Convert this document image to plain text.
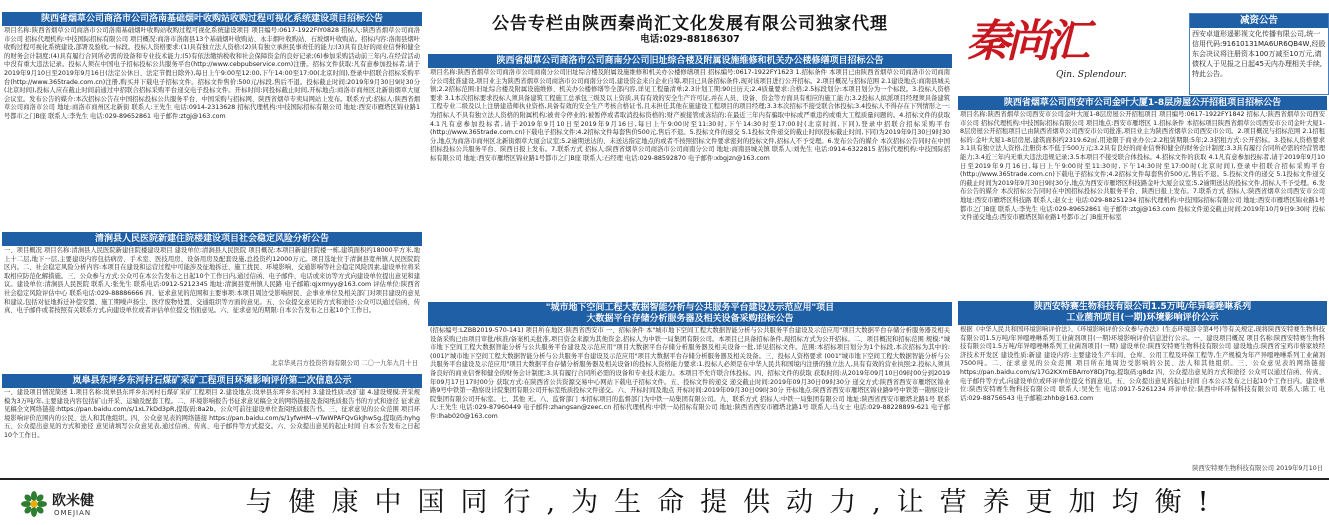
陕西省烟草公司商洛市公司洛南基础烟叶收购站收购过程可视化系统建设项目招标公告
项目名称:陕西省烟草公司商洛市公司洛南基础烟叶收购站收购过程可视化系统建设项目 项目编号:0617-1922FIY0828 招标人:陕西省烟草公司商洛市公司 招标代理机构:中技国际招标有限公司 项目概况:商洛市洛南县13个基础烟叶收购站、永丰烟叶收购站、石坡烟叶收购站。招标内容:洛南县烟叶收购过程可视化系统建设,部署及验收,一标段。投标人资格要求:(1)具有独立法人资格;(2)具有独立承担民事责任的能力;(3)具有良好的商业信誉和健全的财务会计制度;(4)具有履行合同所必需的设备和专业技术能力;(5)有依法缴纳税收和社会保障资金的良好记录;(6)参加采购活动前三年内,在经营活动中没有重大违法记录。投标人须在中国电子招标投标公共服务平台(http://www.cebpubservice.com)注册。招标文件获取:凡有意参加投标者,请于2019年9月10日至2019年9月16日(法定公休日、法定节假日除外),每日上午9:00至12:00,下午14:00至17:00(北京时间),登录中招联合招标采购平台(http://www.365trade.com.cn)注册,购买并下载电子招标文件。招标文件售价:500元/标段,售后不退。投标截止时间:2019年9月30日9时30分(北京时间),投标人应在截止时间前通过中招联合招标采购平台递交电子投标文件。开标时间:同投标截止时间,开标地点:商洛市商州区北新街烟草大厦会议室。发布公告的媒介:本次招标公告在中国招标投标公共服务平台、中国采购与招标网、陕西省烟草专卖局网站上发布。联系方式:招标人:陕西省烟草公司商洛市公司 地址:商洛市商州区北新街 联系人:王先生 电话:0914-2313628 招标代理机构:中技国际招标有限公司 地址:西安市雁塔区锦业路1号都市之门B座 联系人:李先生 电话:029-89652861 电子邮件:ztgj@163.com
清涧县人民医院新建住院楼建设项目社会稳定风险分析公告
一、项目概况 项目名称:清涧县人民医院新建住院楼建设项目 建设单位:清涧县人民医院 项目概况:本项目新建住院楼一栋,建筑面积约18000平方米,地上十二层,地下一层,主要建设内容包括病房、手术室、医技用房、设备用房及配套设施,总投资约12000万元。项目选址位于清涧县宽州镇人民医院院区内。二、社会稳定风险分析内容:本项目在建设和运营过程中可能涉及征地拆迁、施工扰民、环境影响、交通影响等社会稳定风险因素,建设单位将采取相应防范化解措施。三、公众参与方式:公众可在本公告发布之日起10个工作日内,通过信函、电子邮件、电话或来访等方式向建设单位提出意见和建议。建设单位:清涧县人民医院 联系人:张先生 联系电话:0912-5212345 地址:清涧县宽州镇人民路 电子邮箱:qjxrmyy@163.com 评估单位:陕西省社会稳定风险评估中心 联系电话:029-88886666 四、征求意见的范围和主要事项:本项目周边受影响居民、企事业单位及相关部门对项目建设的意见和建议,包括对征地拆迁补偿安置、施工期噪声扬尘、医疗废物处置、交通组织等方面的意见。五、公众提交意见的方式和途径:公众可以通过信函、传真、电子邮件或者按照有关联系方式,向建设单位或者评估单位提交书面意见。六、征求意见的期限:自本公告发布之日起10个工作日。
北京华灵吕方投资咨询有限公司 二〇一九年九月十日
岚皋县东坪乡东河村石煤矿采矿工程项目环境影响评价第二次信息公示
一、建设项目情况简述 1.项目名称:岚皋县东坪乡东河村石煤矿采矿工程项目 2.建设地点:岚皋县东坪乡东河村 3.建设性质:改扩建 4.建设规模:开采规模为3万吨/年,主要建设内容包括矿山开采、运输及配套工程。二、环境影响报告书征求意见稿全文的网络链接及查阅纸质报告书的方式和途径 征求意见稿全文网络链接:https://pan.baidu.com/s/1xL7kDd3pR,提取码:8a2b。公众可前往建设单位查阅纸质报告书。三、征求意见的公众范围 项目环境影响评价范围内的公民、法人和其他组织。四、公众意见表的网络链接 https://pan.baidu.com/s/1yfwHM--vTwWPAFQvGkJhw5g,提取码:hyhg 五、公众提出意见的方式和途径 意见请填写公众意见表,通过信函、传真、电子邮件等方式提交。六、公众提出意见的起止时间 自本公告发布之日起10个工作日。
公告专栏由陕西秦尚汇文化发展有限公司独家代理
电话:029-88186307
陕西省烟草公司商洛市公司商南分公司旧址综合楼及附属设施维修和机关办公楼修缮项目招标公告
项目名称:陕西省烟草公司商洛市公司商南分公司旧址综合楼及附属设施维修和机关办公楼修缮项目 招标编号:0617-1922FY1623 1.招标条件 本项目已由陕西省烟草公司商洛市公司商南分公司批准建设,项目业主为陕西省烟草公司商洛市公司商南分公司,建设资金来自企业自筹,项目已具备招标条件,现对该项目进行公开招标。2.项目概况与招标范围 2.1建设地点:商南县城关镇;2.2招标范围:旧址综合楼及附属设施维修、机关办公楼修缮等全部内容,详见工程量清单;2.3计划工期:90日历天;2.4质量要求:合格;2.5标段划分:本项目划分为一个标段。3.投标人资格要求 3.1本次招标要求投标人须具备建筑工程施工总承包三级及以上资质,具有有效的安全生产许可证,并在人员、设备、资金等方面具有相应的施工能力;3.2投标人拟派项目经理须具备建筑工程专业二级及以上注册建造师执业资格,具备有效的安全生产考核合格证书,且未担任其他在施建设工程项目的项目经理;3.3本次招标不接受联合体投标;3.4投标人不得存在下列情形之一:为招标人不具有独立法人资格的附属机构;被责令停业的;被暂停或者取消投标资格的;财产被接管或冻结的;在最近三年内有骗取中标或严重违约或重大工程质量问题的。4.招标文件的获取 4.1凡有意参加投标者,请于2019年9月10日至2019年9月16日,每日上午9:00时至11:30时,下午14:30时至17:00时(北京时间,下同),登录中招联合招标采购平台(http://www.365trade.com.cn)下载电子招标文件;4.2招标文件每套售价500元,售后不退。5.投标文件的递交 5.1投标文件递交的截止时间(投标截止时间,下同)为2019年9月30日9时30分,地点为商洛市商州区北新街烟草大厦会议室;5.2逾期送达的、未送达指定地点的或者不按照招标文件要求密封的投标文件,招标人不予受理。6.发布公告的媒介 本次招标公告同时在中国招标投标公共服务平台、陕西日报上发布。7.联系方式 招标人:陕西省烟草公司商洛市公司商南分公司 地址:商南县城关镇 联系人:刘先生 电话:0914-6322815 招标代理机构:中技国际招标有限公司 地址:西安市雁塔区锦业路1号都市之门B座 联系人:石经理 电话:029-88592870 电子邮件:xbgjzn@163.com
"城市地下空间工程大数据智能分析与公共服务平台建设及示范应用"项目
大数据平台存储分析服务器及相关设备采购招标公告
(招标编号:LZBB2019-570-141) 项目所在地区:陕西省西安市 一、招标条件 本"城市地下空间工程大数据智能分析与公共服务平台建设及示范应用"项目大数据平台存储分析服务器及相关设备采购已由项目审批/核准/备案机关批准,项目资金来源为其他资金,招标人为中铁一局集团有限公司。本项目已具备招标条件,现招标方式为公开招标。二、项目概况和招标范围 规模:"城市地下空间工程大数据智能分析与公共服务平台建设及示范应用"项目大数据平台存储分析服务器及相关设备一批,详见招标文件。范围:本招标项目划分为1个标段,本次招标为其中的:(001)"城市地下空间工程大数据智能分析与公共服务平台建设及示范应用"项目大数据平台存储分析服务器及相关设备。三、投标人资格要求 (001"城市地下空间工程大数据智能分析与公共服务平台建设及示范应用"项目大数据平台存储分析服务器及相关设备)的投标人资格能力要求:1.投标人必须是在中华人民共和国境内注册的独立法人,具有有效的营业执照;2.投标人须具备良好的商业信誉和健全的财务会计制度;3.具有履行合同所必需的设备和专业技术能力。本项目不允许联合体投标。四、招标文件的获取 获取时间:从2019年09月10日09时00分到2019年09月17日17时00分 获取方式:在陕西省公共资源交易中心网站下载电子招标文件。五、投标文件的递交 递交截止时间:2019年09月30日09时30分 递交方式:陕西省西安市雁塔区锦业路9号中铁第一勘察设计院集团有限公司开标室纸质投标文件递交。六、开标时间及地点 开标时间:2019年09月30日09时30分 开标地点:陕西省西安市雁塔区锦业路9号中铁第一勘察设计院集团有限公司开标室。七、其他 无。八、监督部门 本招标项目的监督部门为中铁一局集团有限公司。九、联系方式 招标人:中铁一局集团有限公司 地址:陕西省西安市雁塔北路1号 联系人:王先生 电话:029-87960449 电子邮件:zhangsan@zeec.cn 招标代理机构:中铁一局招标有限公司 地址:陕西省西安市雁塔北路1号 联系人:马女士 电话:029-88228899-621 电子邮件:lhab020@163.com
秦尚汇
Qin. Splendour.
减资公告
西安卓道形遥影视文化传播有限公司,统一信用代码:91610131MA6UR6QB4W,经股东会决议将注册资本100万减至10万元,请债权人于见报之日起45天内办理相关手续,特此公告。
陕西省烟草公司西安市公司金叶大厦1-8层房屋公开招租项目招标公告
项目名称:陕西省烟草公司西安市公司金叶大厦1-8层房屋公开招租项目 项目编号:0617-1922FY1842 招标人:陕西省烟草公司西安市公司 招标代理机构:中技国际招标有限公司 项目地点:西安市雁塔区 1.招标条件 本招标项目陕西省烟草公司西安市公司金叶大厦1-8层房屋公开招租项目已由陕西省烟草公司西安市公司批准,项目业主为陕西省烟草公司西安市公司。2.项目概况与招标范围 2.1招租标的:金叶大厦1-8层房屋,建筑面积约2319.62㎡,用途限于商业办公;2.2租赁期限:5年;2.3招租方式:公开招标。3.投标人资格要求 3.1具有独立法人资格,注册资本不低于500万元;3.2具有良好的商业信誉和健全的财务会计制度;3.3具有履行合同所必需的经营管理能力;3.4近三年内无重大违法违规记录;3.5本项目不接受联合体投标。4.招标文件的获取 4.1凡有意参加投标者,请于2019年9月10日至2019年9月16日,每日上午9:00时至11:30时,下午14:30时至17:00时(北京时间),登录中招联合招标采购平台(http://www.365trade.com.cn)下载电子招标文件;4.2招标文件每套售价500元,售后不退。5.投标文件的递交 5.1投标文件递交的截止时间为2019年9月30日9时30分,地点为西安市雁塔区科技路金叶大厦会议室;5.2逾期送达的投标文件,招标人不予受理。6.发布公告的媒介 本次招标公告同时在中国招标投标公共服务平台、陕西日报上发布。7.联系方式 招标人:陕西省烟草公司西安市公司 地址:西安市雁塔区科技路 联系人:赵女士 电话:029-88251234 招标代理机构:中技国际招标有限公司 地址:西安市雁塔区锦业路1号都市之门B座 联系人:李先生 电话:029-89652861 电子邮件:ztgj@163.com 投标文件递交截止时间:2019年10月9日9:30时 投标文件递交地点:西安市雁塔区锦业路1号都市之门B座开标室
陕西安特赛生物科技有限公司1.5万吨/年异噁唑啉系列
工业菌剂项目(一期)环境影响评价公示
根据《中华人民共和国环境影响评价法》、《环境影响评价公众参与办法》(生态环境部令第4号)等有关规定,现将陕西安特赛生物科技有限公司1.5万吨/年异噁唑啉系列工业菌剂项目(一期)环境影响评价信息进行公示。一、建设项目概况 项目名称:陕西安特赛生物科技有限公司1.5万吨/年异噁唑啉系列工业菌剂项目(一期) 建设单位:陕西安特赛生物科技有限公司 建设地点:陕西省宝鸡市蔡家坡经济技术开发区 建设性质:新建 建设内容:主要建设生产车间、仓库、公用工程及环保工程等,生产规模为年产异噁唑啉系列工业菌剂7500吨。二、征求意见的公众范围 项目所在地周边受影响的公民、法人和其他组织。三、公众意见表的网络链接 https://pan.baidu.com/s/17G2KXmEBArroY8DJ7tg,提取码:g8dz 四、公众提出意见的方式和途径 公众可以通过信函、传真、电子邮件等方式,向建设单位或环评单位提交书面意见。五、公众提出意见的起止时间 自本公示发布之日起10个工作日内。建设单位:陕西安特赛生物科技有限公司 联系人:吴先生 电话:0917-5261234 环评单位:陕西中环环保科技有限公司 联系人:陈工 电话:029-88756543 电子邮箱:zhhb@163.com
陕西安特赛生物科技有限公司 2019年9月10日
欧米健
OMEJIAN	与健康中国同行,为生命提供动力,让营养更加均衡!
